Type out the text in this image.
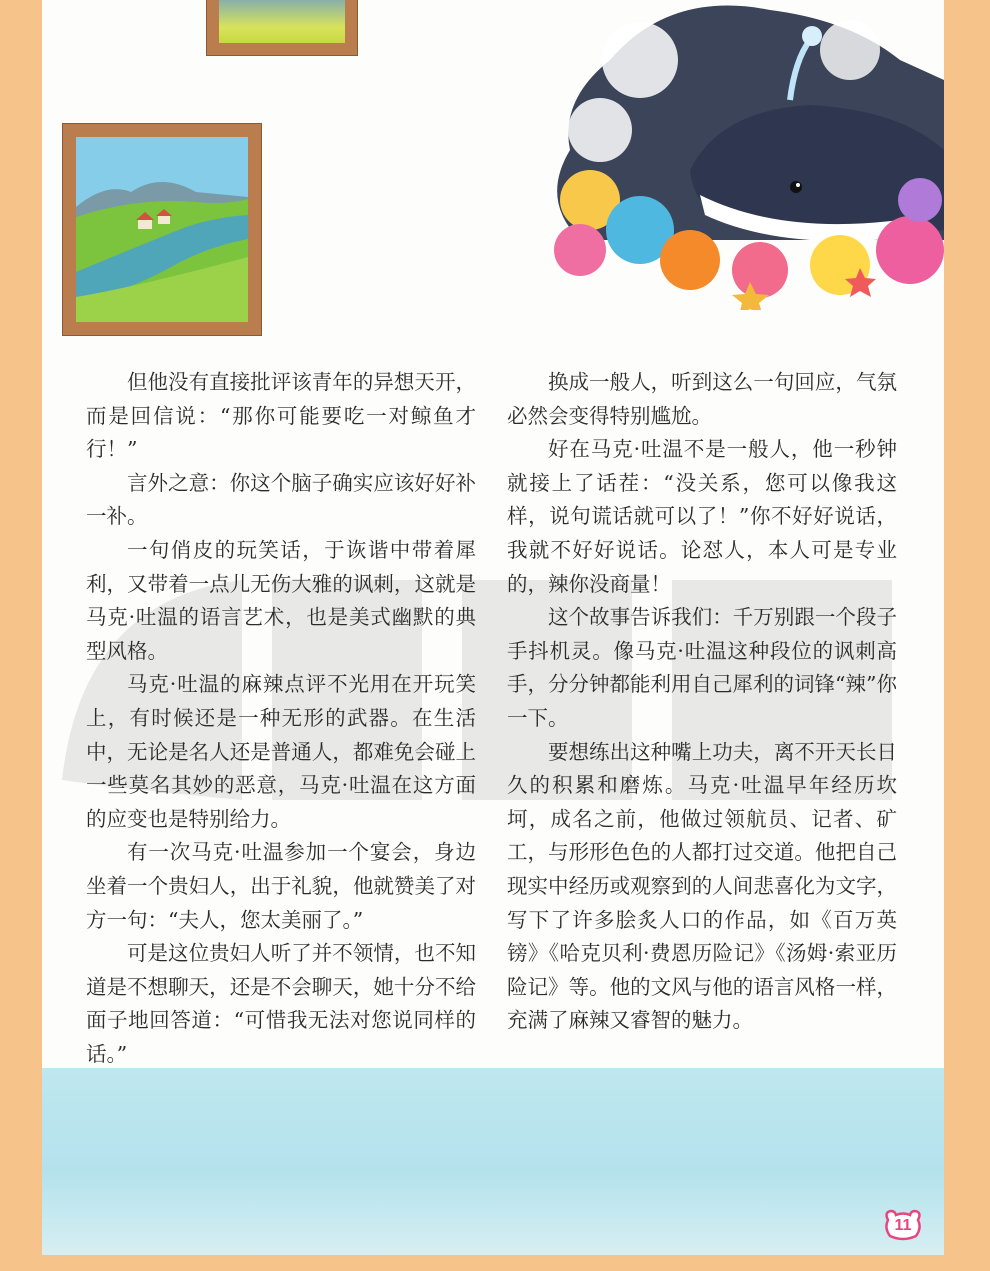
但他没有直接批评该青年的异想天开，而是回信说：“那你可能要吃一对鲸鱼才行！”

言外之意：你这个脑子确实应该好好补一补。

一句俏皮的玩笑话，于诙谐中带着犀利，又带着一点儿无伤大雅的讽刺，这就是马克·吐温的语言艺术，也是美式幽默的典型风格。

马克·吐温的麻辣点评不光用在开玩笑上，有时候还是一种无形的武器。在生活中，无论是名人还是普通人，都难免会碰上一些莫名其妙的恶意，马克·吐温在这方面的应变也是特别给力。

有一次马克·吐温参加一个宴会，身边坐着一个贵妇人，出于礼貌，他就赞美了对方一句：“夫人，您太美丽了。”

可是这位贵妇人听了并不领情，也不知道是不想聊天，还是不会聊天，她十分不给面子地回答道：“可惜我无法对您说同样的话。”

换成一般人，听到这么一句回应，气氛必然会变得特别尴尬。

好在马克·吐温不是一般人，他一秒钟就接上了话茬：“没关系，您可以像我这样，说句谎话就可以了！”你不好好说话，我就不好好说话。论怼人，本人可是专业的，辣你没商量！

这个故事告诉我们：千万别跟一个段子手抖机灵。像马克·吐温这种段位的讽刺高手，分分钟都能利用自己犀利的词锋“辣”你一下。

要想练出这种嘴上功夫，离不开天长日久的积累和磨炼。马克·吐温早年经历坎坷，成名之前，他做过领航员、记者、矿工，与形形色色的人都打过交道。他把自己现实中经历或观察到的人间悲喜化为文字，写下了许多脍炙人口的作品，如《百万英镑》《哈克贝利·费恩历险记》《汤姆·索亚历险记》等。他的文风与他的语言风格一样，充满了麻辣又睿智的魅力。

11
